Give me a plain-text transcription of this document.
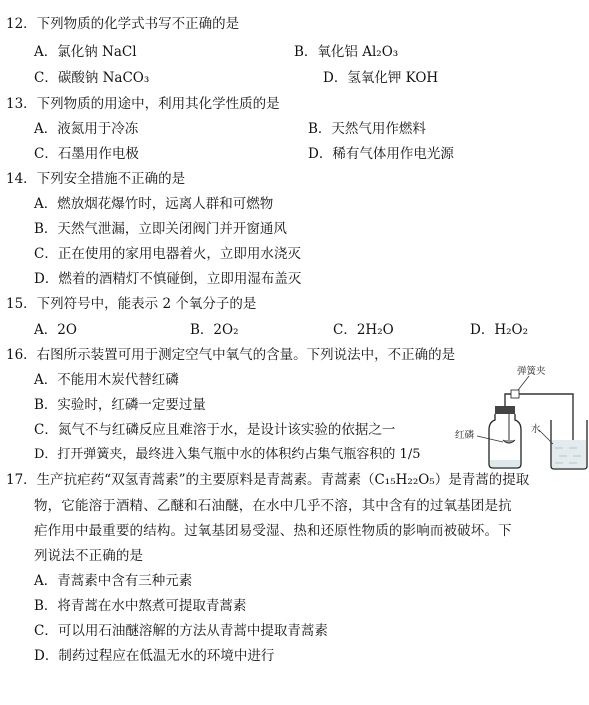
12．下列物质的化学式书写不正确的是
A．氯化钠 NaCl	B．氧化铝 Al₂O₃
C．碳酸钠 NaCO₃	D．氢氧化钾 KOH
13．下列物质的用途中，利用其化学性质的是
A．液氮用于冷冻	B．天然气用作燃料
C．石墨用作电极	D．稀有气体用作电光源
14．下列安全措施不正确的是
A．燃放烟花爆竹时，远离人群和可燃物
B．天然气泄漏，立即关闭阀门并开窗通风
C．正在使用的家用电器着火，立即用水浇灭
D．燃着的酒精灯不慎碰倒，立即用湿布盖灭
15．下列符号中，能表示 2 个氧分子的是
A．2O	B．2O₂	C．2H₂O	D．H₂O₂
16．右图所示装置可用于测定空气中氧气的含量。下列说法中，不正确的是
A．不能用木炭代替红磷
B．实验时，红磷一定要过量
C．氮气不与红磷反应且难溶于水，是设计该实验的依据之一
D．打开弹簧夹，最终进入集气瓶中水的体积约占集气瓶容积的 1/5
弹簧夹
红磷
水
17．生产抗疟药“双氢青蒿素”的主要原料是青蒿素。青蒿素（C₁₅H₂₂O₅）是青蒿的提取
物，它能溶于酒精、乙醚和石油醚，在水中几乎不溶，其中含有的过氧基团是抗
疟作用中最重要的结构。过氧基团易受湿、热和还原性物质的影响而被破坏。下
列说法不正确的是
A．青蒿素中含有三种元素
B．将青蒿在水中熬煮可提取青蒿素
C．可以用石油醚溶解的方法从青蒿中提取青蒿素
D．制药过程应在低温无水的环境中进行
